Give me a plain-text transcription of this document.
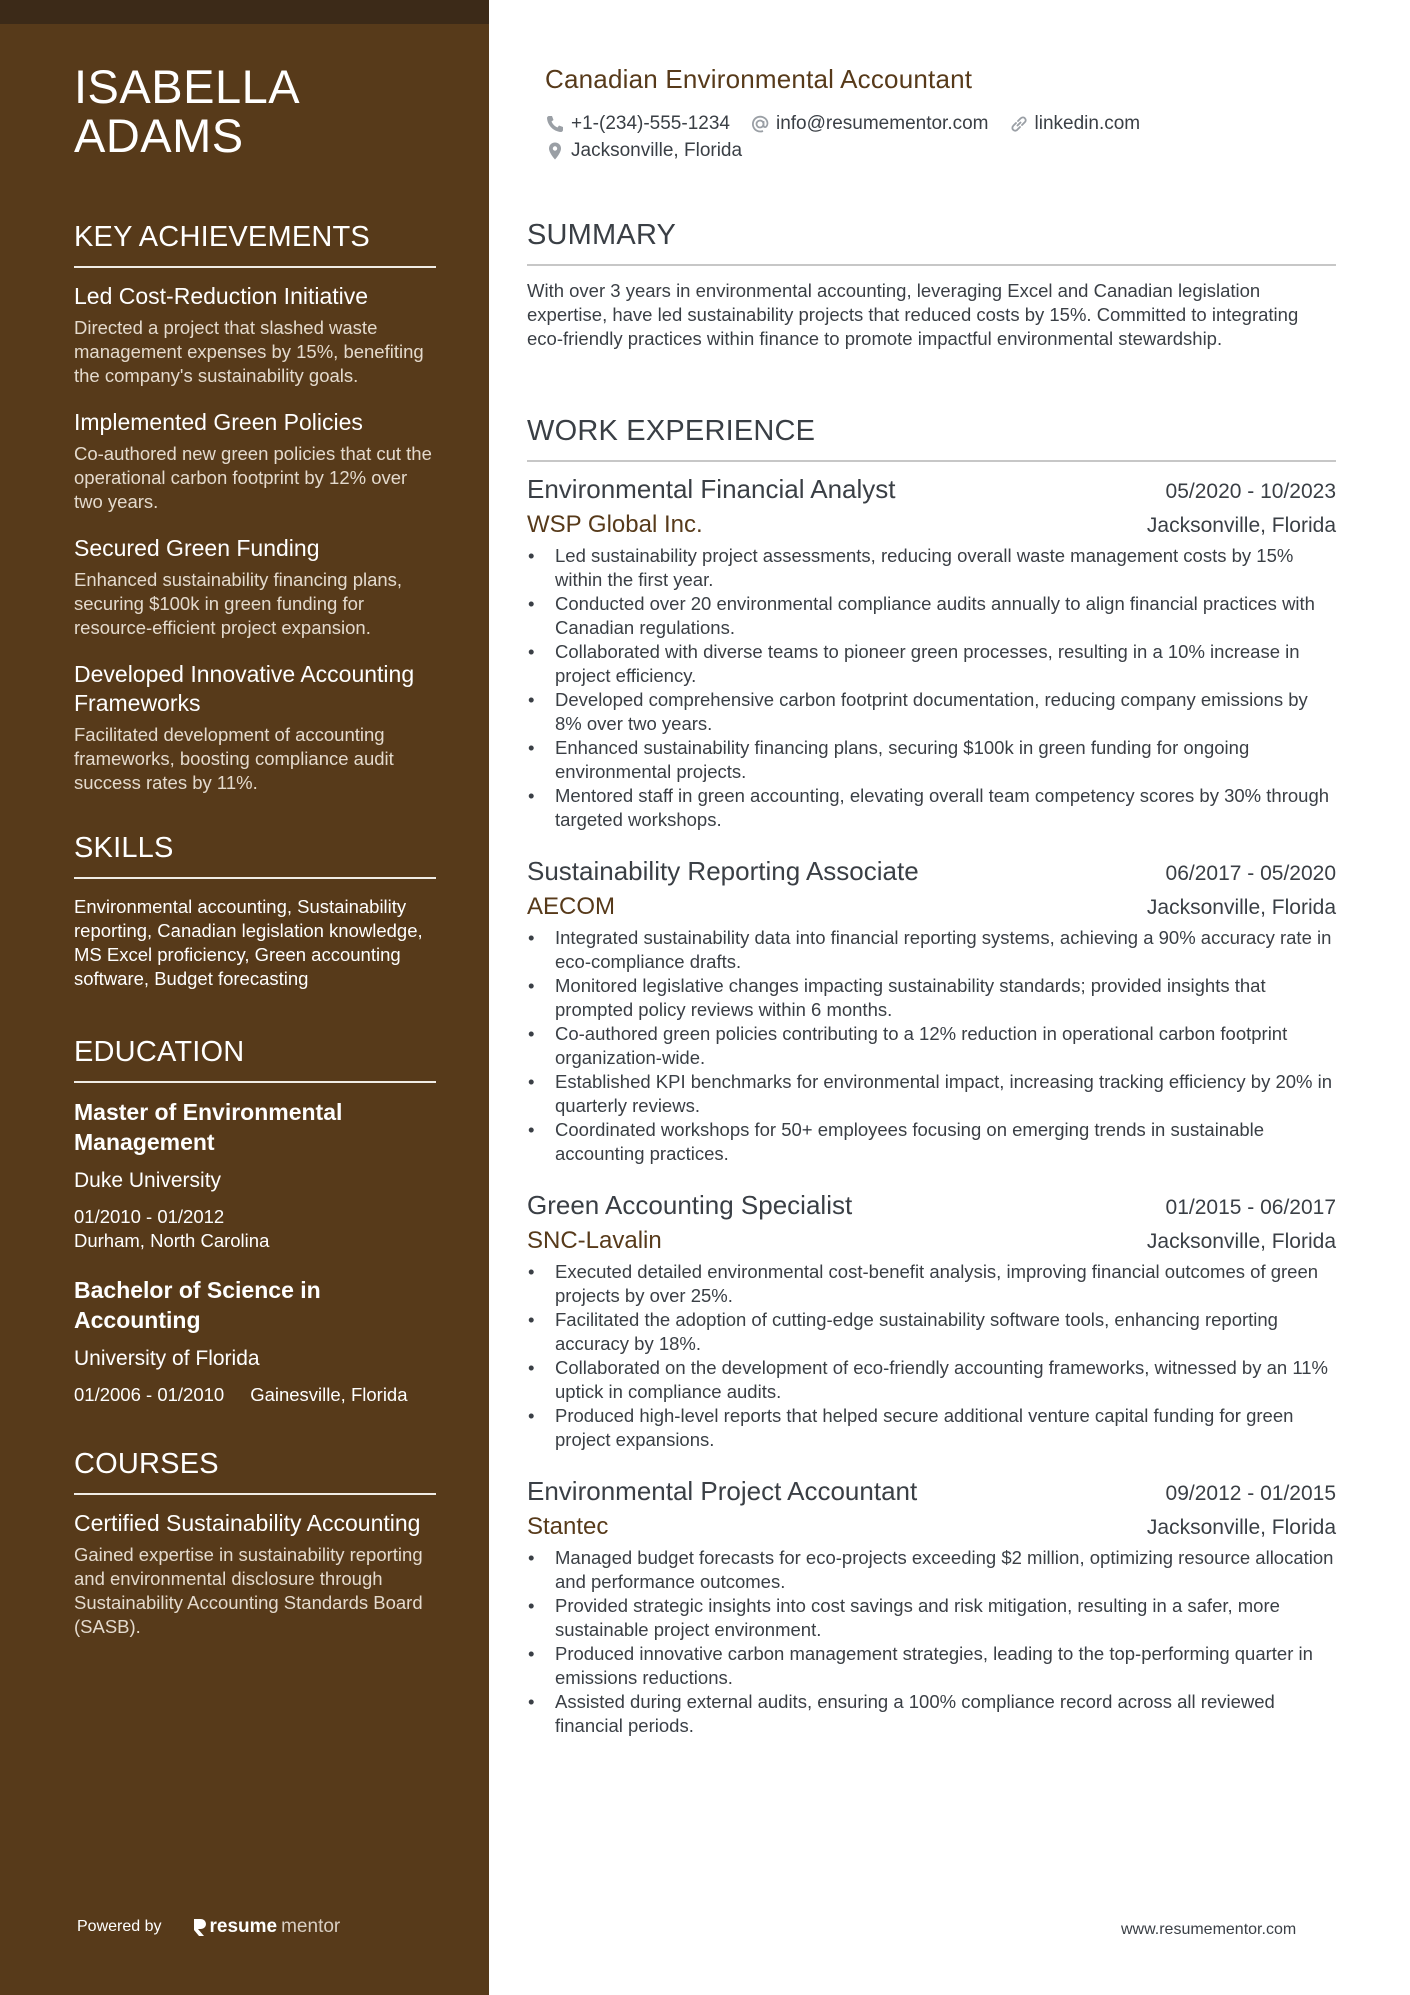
ISABELLA
ADAMS
KEY ACHIEVEMENTS
Led Cost-Reduction Initiative
Directed a project that slashed waste management expenses by 15%, benefiting the company's sustainability goals.
Implemented Green Policies
Co-authored new green policies that cut the operational carbon footprint by 12% over two years.
Secured Green Funding
Enhanced sustainability financing plans, securing $100k in green funding for resource-efficient project expansion.
Developed Innovative Accounting Frameworks
Facilitated development of accounting frameworks, boosting compliance audit success rates by 11%.
SKILLS
Environmental accounting, Sustainability reporting, Canadian legislation knowledge, MS Excel proficiency, Green accounting software, Budget forecasting
EDUCATION
Master of Environmental Management
Duke University
01/2010 - 01/2012
Durham, North Carolina
Bachelor of Science in Accounting
University of Florida
01/2006 - 01/2010 Gainesville, Florida
COURSES
Certified Sustainability Accounting
Gained expertise in sustainability reporting and environmental disclosure through Sustainability Accounting Standards Board (SASB).
Powered by	resume mentor
Canadian Environmental Accountant
+1-(234)-555-1234 info@resumementor.com linkedin.com
Jacksonville, Florida
SUMMARY
With over 3 years in environmental accounting, leveraging Excel and Canadian legislation expertise, have led sustainability projects that reduced costs by 15%. Committed to integrating eco-friendly practices within finance to promote impactful environmental stewardship.
WORK EXPERIENCE
Environmental Financial Analyst	05/2020 - 10/2023
WSP Global Inc.	Jacksonville, Florida
• Led sustainability project assessments, reducing overall waste management costs by 15% within the first year.
• Conducted over 20 environmental compliance audits annually to align financial practices with Canadian regulations.
• Collaborated with diverse teams to pioneer green processes, resulting in a 10% increase in project efficiency.
• Developed comprehensive carbon footprint documentation, reducing company emissions by 8% over two years.
• Enhanced sustainability financing plans, securing $100k in green funding for ongoing environmental projects.
• Mentored staff in green accounting, elevating overall team competency scores by 30% through targeted workshops.
Sustainability Reporting Associate	06/2017 - 05/2020
AECOM	Jacksonville, Florida
• Integrated sustainability data into financial reporting systems, achieving a 90% accuracy rate in eco-compliance drafts.
• Monitored legislative changes impacting sustainability standards; provided insights that prompted policy reviews within 6 months.
• Co-authored green policies contributing to a 12% reduction in operational carbon footprint organization-wide.
• Established KPI benchmarks for environmental impact, increasing tracking efficiency by 20% in quarterly reviews.
• Coordinated workshops for 50+ employees focusing on emerging trends in sustainable accounting practices.
Green Accounting Specialist	01/2015 - 06/2017
SNC-Lavalin	Jacksonville, Florida
• Executed detailed environmental cost-benefit analysis, improving financial outcomes of green projects by over 25%.
• Facilitated the adoption of cutting-edge sustainability software tools, enhancing reporting accuracy by 18%.
• Collaborated on the development of eco-friendly accounting frameworks, witnessed by an 11% uptick in compliance audits.
• Produced high-level reports that helped secure additional venture capital funding for green project expansions.
Environmental Project Accountant	09/2012 - 01/2015
Stantec	Jacksonville, Florida
• Managed budget forecasts for eco-projects exceeding $2 million, optimizing resource allocation and performance outcomes.
• Provided strategic insights into cost savings and risk mitigation, resulting in a safer, more sustainable project environment.
• Produced innovative carbon management strategies, leading to the top-performing quarter in emissions reductions.
• Assisted during external audits, ensuring a 100% compliance record across all reviewed financial periods.
www.resumementor.com
